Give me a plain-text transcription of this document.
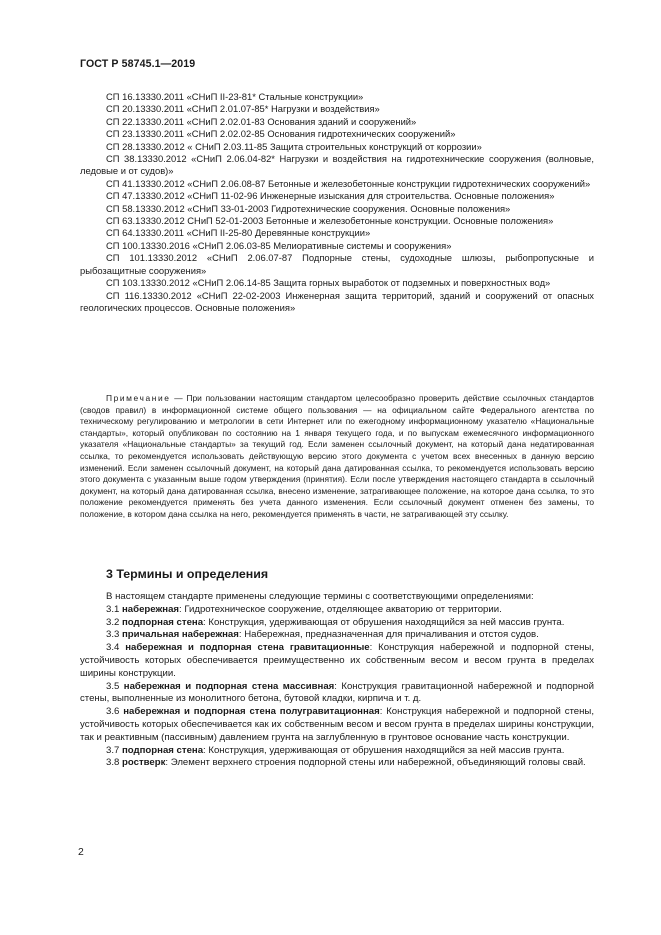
ГОСТ Р 58745.1—2019

СП 16.13330.2011 «СНиП II-23-81* Стальные конструкции»

СП 20.13330.2011 «СНиП 2.01.07-85* Нагрузки и воздействия»

СП 22.13330.2011 «СНиП 2.02.01-83 Основания зданий и сооружений»

СП 23.13330.2011 «СНиП 2.02.02-85 Основания гидротехнических сооружений»

СП 28.13330.2012 « СНиП 2.03.11-85 Защита строительных конструкций от коррозии»

СП 38.13330.2012 «СНиП 2.06.04-82* Нагрузки и воздействия на гидротехнические сооружения (волновые, ледовые и от судов)»

СП 41.13330.2012 «СНиП 2.06.08-87 Бетонные и железобетонные конструкции гидротехнических сооружений»

СП 47.13330.2012 «СНиП 11-02-96 Инженерные изыскания для строительства. Основные положения»

СП 58.13330.2012 «СНиП 33-01-2003 Гидротехнические сооружения. Основные положения»

СП 63.13330.2012 СНиП 52-01-2003 Бетонные и железобетонные конструкции. Основные положения»

СП 64.13330.2011 «СНиП II-25-80 Деревянные конструкции»

СП 100.13330.2016 «СНиП 2.06.03-85 Мелиоративные системы и сооружения»

СП 101.13330.2012 «СНиП 2.06.07-87 Подпорные стены, судоходные шлюзы, рыбопропускные и рыбозащитные сооружения»

СП 103.13330.2012 «СНиП 2.06.14-85 Защита горных выработок от подземных и поверхностных вод»

СП 116.13330.2012 «СНиП 22-02-2003 Инженерная защита территорий, зданий и сооружений от опасных геологических процессов. Основные положения»

Примечание — При пользовании настоящим стандартом целесообразно проверить действие ссылочных стандартов (сводов правил) в информационной системе общего пользования — на официальном сайте Федерального агентства по техническому регулированию и метрологии в сети Интернет или по ежегодному информационному указателю «Национальные стандарты», который опубликован по состоянию на 1 января текущего года, и по выпускам ежемесячного информационного указателя «Национальные стандарты» за текущий год. Если заменен ссылочный документ, на который дана недатированная ссылка, то рекомендуется использовать действующую версию этого документа с учетом всех внесенных в данную версию изменений. Если заменен ссылочный документ, на который дана датированная ссылка, то рекомендуется использовать версию этого документа с указанным выше годом утверждения (принятия). Если после утверждения настоящего стандарта в ссылочный документ, на который дана датированная ссылка, внесено изменение, затрагивающее положение, на которое дана ссылка, то это положение рекомендуется применять без учета данного изменения. Если ссылочный документ отменен без замены, то положение, в котором дана ссылка на него, рекомендуется применять в части, не затрагивающей эту ссылку.

3 Термины и определения

В настоящем стандарте применены следующие термины с соответствующими определениями:

3.1 набережная: Гидротехническое сооружение, отделяющее акваторию от территории.

3.2 подпорная стена: Конструкция, удерживающая от обрушения находящийся за ней массив грунта.

3.3 причальная набережная: Набережная, предназначенная для причаливания и отстоя судов.

3.4 набережная и подпорная стена гравитационные: Конструкция набережной и подпорной стены, устойчивость которых обеспечивается преимущественно их собственным весом и весом грунта в пределах ширины конструкции.

3.5 набережная и подпорная стена массивная: Конструкция гравитационной набережной и подпорной стены, выполненные из монолитного бетона, бутовой кладки, кирпича и т. д.

3.6 набережная и подпорная стена полугравитационная: Конструкция набережной и подпорной стены, устойчивость которых обеспечивается как их собственным весом и весом грунта в пределах ширины конструкции, так и реактивным (пассивным) давлением грунта на заглубленную в грунтовое основание часть конструкции.

3.7 подпорная стена: Конструкция, удерживающая от обрушения находящийся за ней массив грунта.

3.8 ростверк: Элемент верхнего строения подпорной стены или набережной, объединяющий головы свай.

2
